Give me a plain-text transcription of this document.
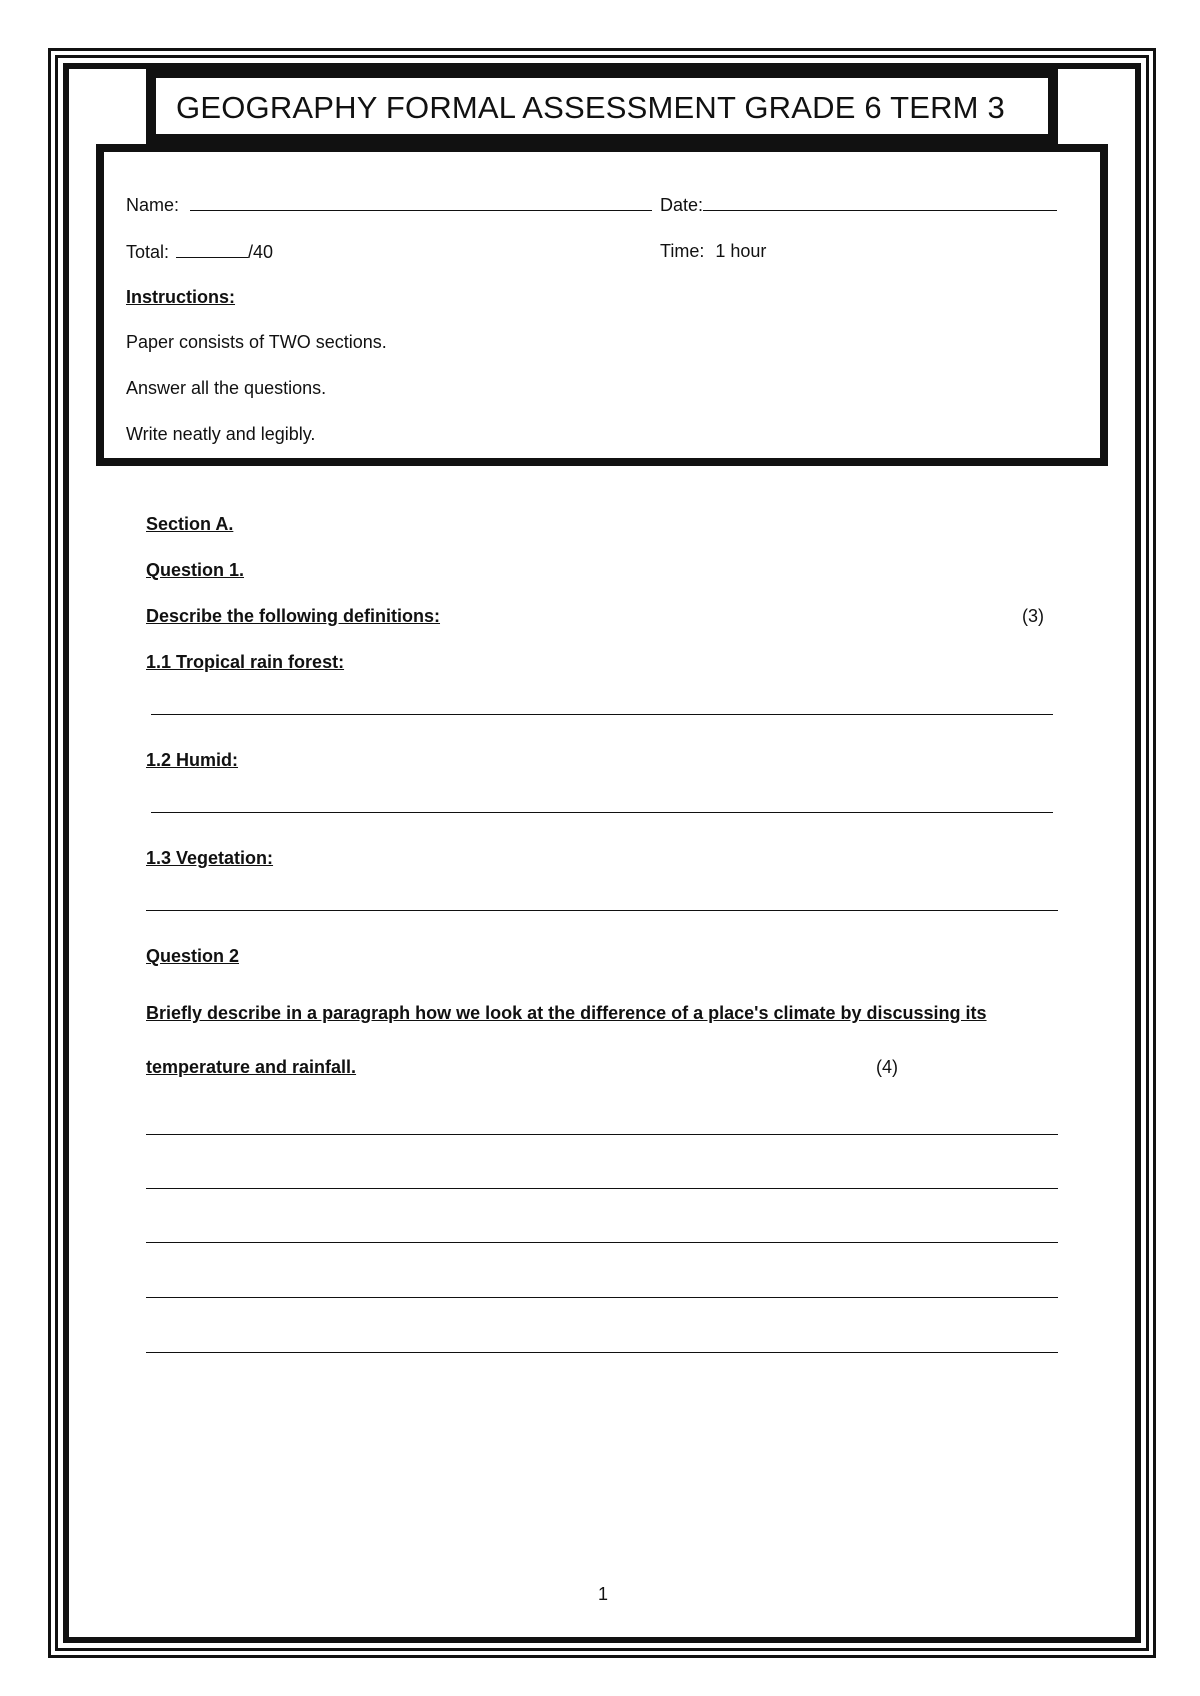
GEOGRAPHY FORMAL ASSESSMENT GRADE 6 TERM 3
Name:	Date:
Total:	/40	Time: 1 hour
Instructions:
Paper consists of TWO sections.
Answer all the questions.
Write neatly and legibly.
Section A.
Question 1.
Describe the following definitions:	(3)
1.1 Tropical rain forest:
1.2 Humid:
1.3 Vegetation:
Question 2
Briefly describe in a paragraph how we look at the difference of a place's climate by discussing its
temperature and rainfall.	(4)
1
